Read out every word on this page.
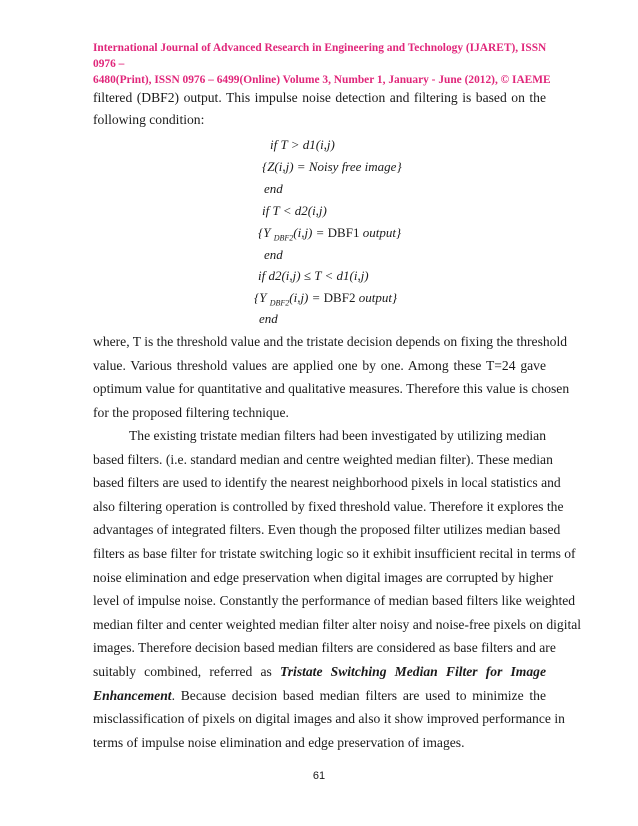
International Journal of Advanced Research in Engineering and Technology (IJARET), ISSN 0976 –
6480(Print), ISSN 0976 – 6499(Online) Volume 3, Number 1, January - June (2012), © IAEME
filtered (DBF2) output. This impulse noise detection and filtering is based on the
following condition:
if T > d1(i,j)
{Z(i,j) = Noisy free image}
end
if T < d2(i,j)
{Y $_{DBF2}$(i,j) = DBF1 output}
end
if d2(i,j) ≤ T < d1(i,j)
{Y $_{DBF2}$(i,j) = DBF2 output}
end
where, T is the threshold value and the tristate decision depends on fixing the threshold
value. Various threshold values are applied one by one. Among these T=24 gave
optimum value for quantitative and qualitative measures. Therefore this value is chosen
for the proposed filtering technique.
The existing tristate median filters had been investigated by utilizing median
based filters. (i.e. standard median and centre weighted median filter). These median
based filters are used to identify the nearest neighborhood pixels in local statistics and
also filtering operation is controlled by fixed threshold value. Therefore it explores the
advantages of integrated filters. Even though the proposed filter utilizes median based
filters as base filter for tristate switching logic so it exhibit insufficient recital in terms of
noise elimination and edge preservation when digital images are corrupted by higher
level of impulse noise. Constantly the performance of median based filters like weighted
median filter and center weighted median filter alter noisy and noise-free pixels on digital
images. Therefore decision based median filters are considered as base filters and are
suitably combined, referred as Tristate Switching Median Filter for Image
Enhancement. Because decision based median filters are used to minimize the
misclassification of pixels on digital images and also it show improved performance in
terms of impulse noise elimination and edge preservation of images.
61
